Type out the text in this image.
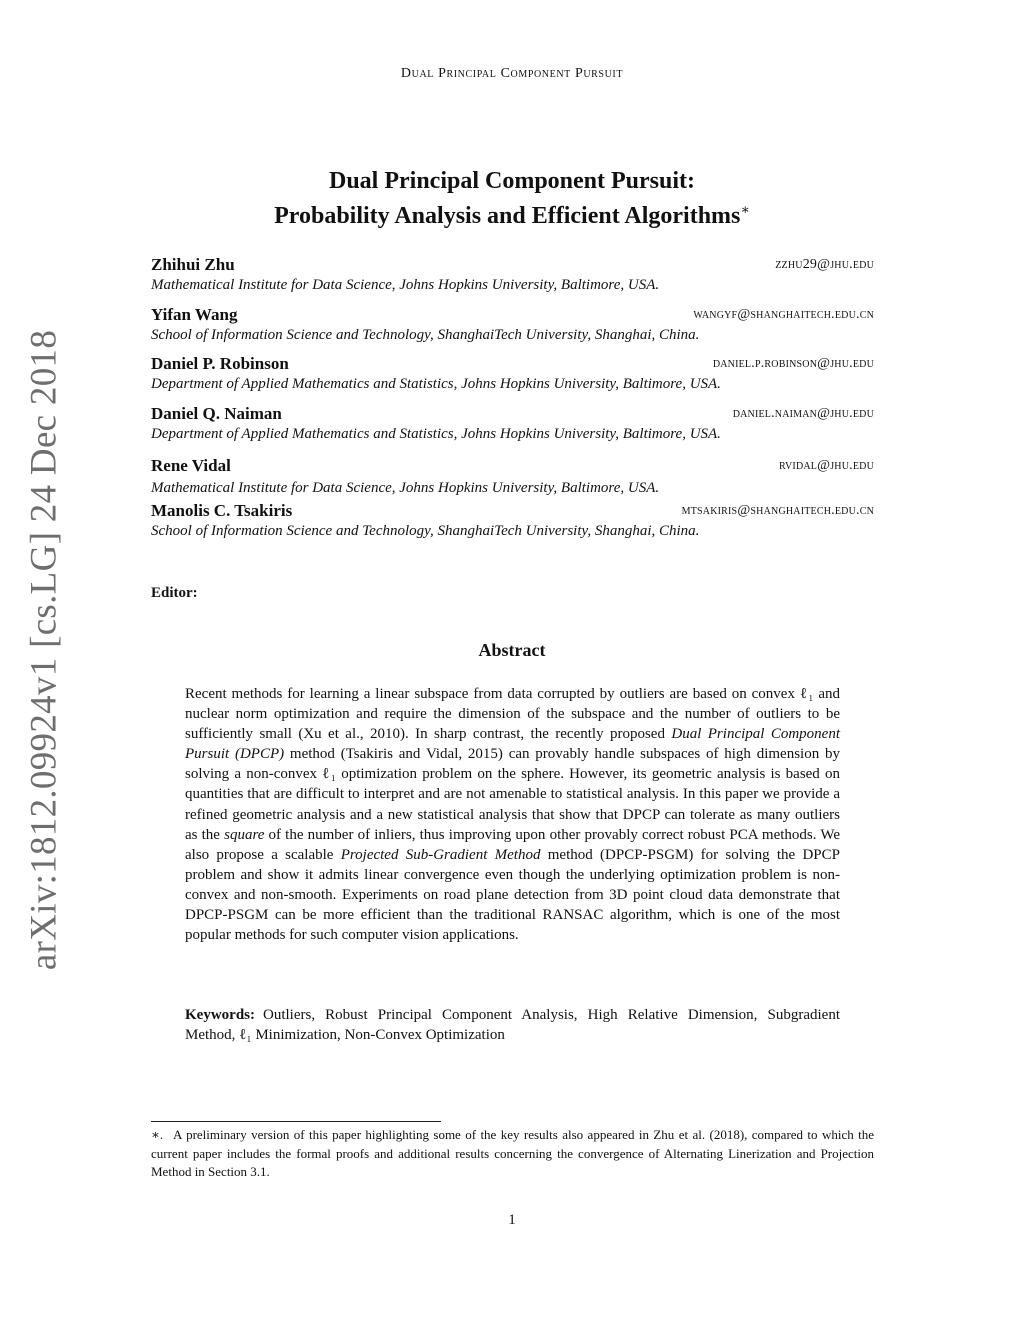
Dual Principal Component Pursuit
arXiv:1812.09924v1 [cs.LG] 24 Dec 2018
Dual Principal Component Pursuit:
Probability Analysis and Efficient Algorithms∗
Zhihui Zhu	zzhu29@jhu.edu
Mathematical Institute for Data Science, Johns Hopkins University, Baltimore, USA.
Yifan Wang	wangyf@shanghaitech.edu.cn
School of Information Science and Technology, ShanghaiTech University, Shanghai, China.
Daniel P. Robinson	daniel.p.robinson@jhu.edu
Department of Applied Mathematics and Statistics, Johns Hopkins University, Baltimore, USA.
Daniel Q. Naiman	daniel.naiman@jhu.edu
Department of Applied Mathematics and Statistics, Johns Hopkins University, Baltimore, USA.
Rene Vidal	rvidal@jhu.edu
Mathematical Institute for Data Science, Johns Hopkins University, Baltimore, USA.
Manolis C. Tsakiris	mtsakiris@shanghaitech.edu.cn
School of Information Science and Technology, ShanghaiTech University, Shanghai, China.
Editor:
Abstract

Recent methods for learning a linear subspace from data corrupted by outliers are based on convex ℓ₁ and nuclear norm optimization and require the dimension of the subspace and the number of outliers to be sufficiently small (Xu et al., 2010). In sharp contrast, the recently proposed Dual Principal Component Pursuit (DPCP) method (Tsakiris and Vidal, 2015) can provably handle subspaces of high dimension by solving a non-convex ℓ₁ optimization problem on the sphere. However, its geometric analysis is based on quantities that are difficult to interpret and are not amenable to statistical analysis. In this paper we provide a refined geometric analysis and a new statistical analysis that show that DPCP can tolerate as many outliers as the square of the number of inliers, thus improving upon other provably correct robust PCA methods. We also propose a scalable Projected Sub-Gradient Method method (DPCP-PSGM) for solving the DPCP problem and show it admits linear convergence even though the underlying optimization problem is non-convex and non-smooth. Experiments on road plane detection from 3D point cloud data demonstrate that DPCP-PSGM can be more efficient than the traditional RANSAC algorithm, which is one of the most popular methods for such computer vision applications.

Keywords: Outliers, Robust Principal Component Analysis, High Relative Dimension, Subgradient Method, ℓ₁ Minimization, Non-Convex Optimization
∗. A preliminary version of this paper highlighting some of the key results also appeared in Zhu et al. (2018), compared to which the current paper includes the formal proofs and additional results concerning the convergence of Alternating Linerization and Projection Method in Section 3.1.
1
